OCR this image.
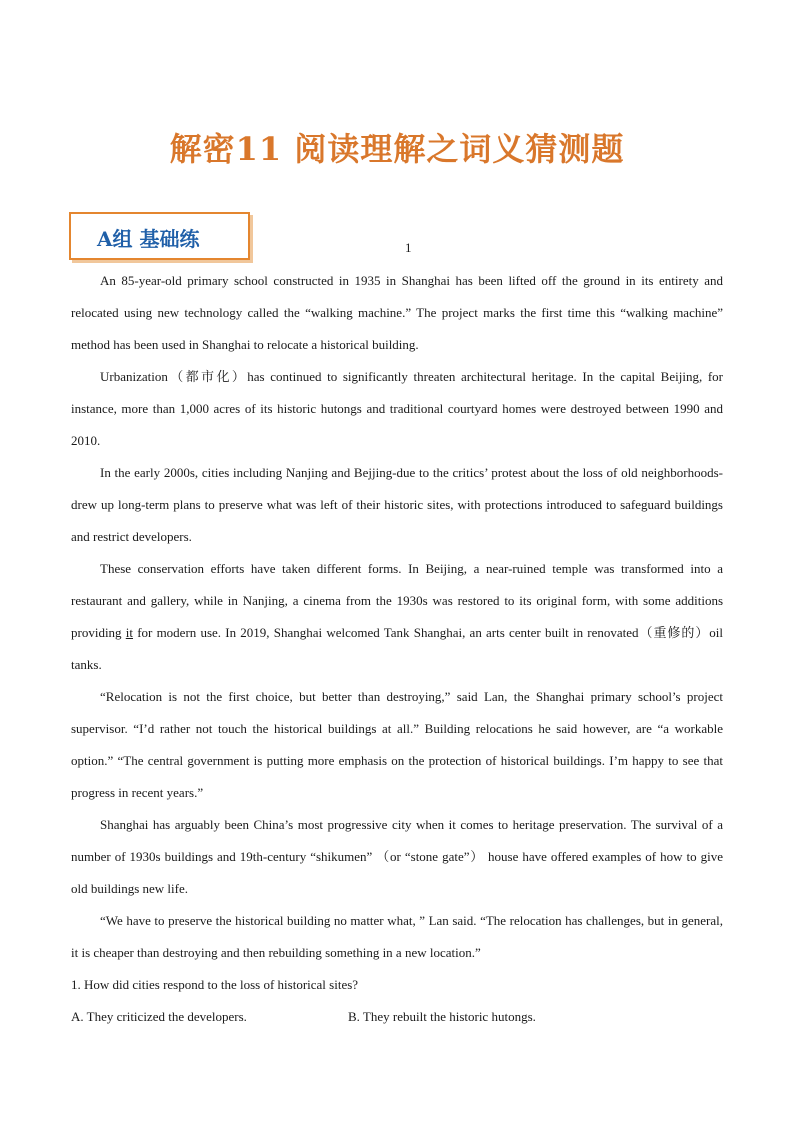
解密11 阅读理解之词义猜测题
A组 基础练	1

An 85-year-old primary school constructed in 1935 in Shanghai has been lifted off the ground in its entirety and relocated using new technology called the “walking machine.” The project marks the first time this “walking machine” method has been used in Shanghai to relocate a historical building.

Urbanization（都市化）has continued to significantly threaten architectural heritage. In the capital Beijing, for instance, more than 1,000 acres of its historic hutongs and traditional courtyard homes were destroyed between 1990 and 2010.

In the early 2000s, cities including Nanjing and Bejjing-due to the critics’ protest about the loss of old neighborhoods-drew up long-term plans to preserve what was left of their historic sites, with protections introduced to safeguard buildings and restrict developers.

These conservation efforts have taken different forms. In Beijing, a near-ruined temple was transformed into a restaurant and gallery, while in Nanjing, a cinema from the 1930s was restored to its original form, with some additions providing it for modern use. In 2019, Shanghai welcomed Tank Shanghai, an arts center built in renovated（重修的）oil tanks.

“Relocation is not the first choice, but better than destroying,” said Lan, the Shanghai primary school’s project supervisor. “I’d rather not touch the historical buildings at all.” Building relocations he said however, are “a workable option.” “The central government is putting more emphasis on the protection of historical buildings. I’m happy to see that progress in recent years.”

Shanghai has arguably been China’s most progressive city when it comes to heritage preservation. The survival of a number of 1930s buildings and 19th-century “shikumen” （or “stone gate”） house have offered examples of how to give old buildings new life.

“We have to preserve the historical building no matter what, ” Lan said. “The relocation has challenges, but in general, it is cheaper than destroying and then rebuilding something in a new location.”

1. How did cities respond to the loss of historical sites?

A. They criticized the developers.	B. They rebuilt the historic hutongs.
